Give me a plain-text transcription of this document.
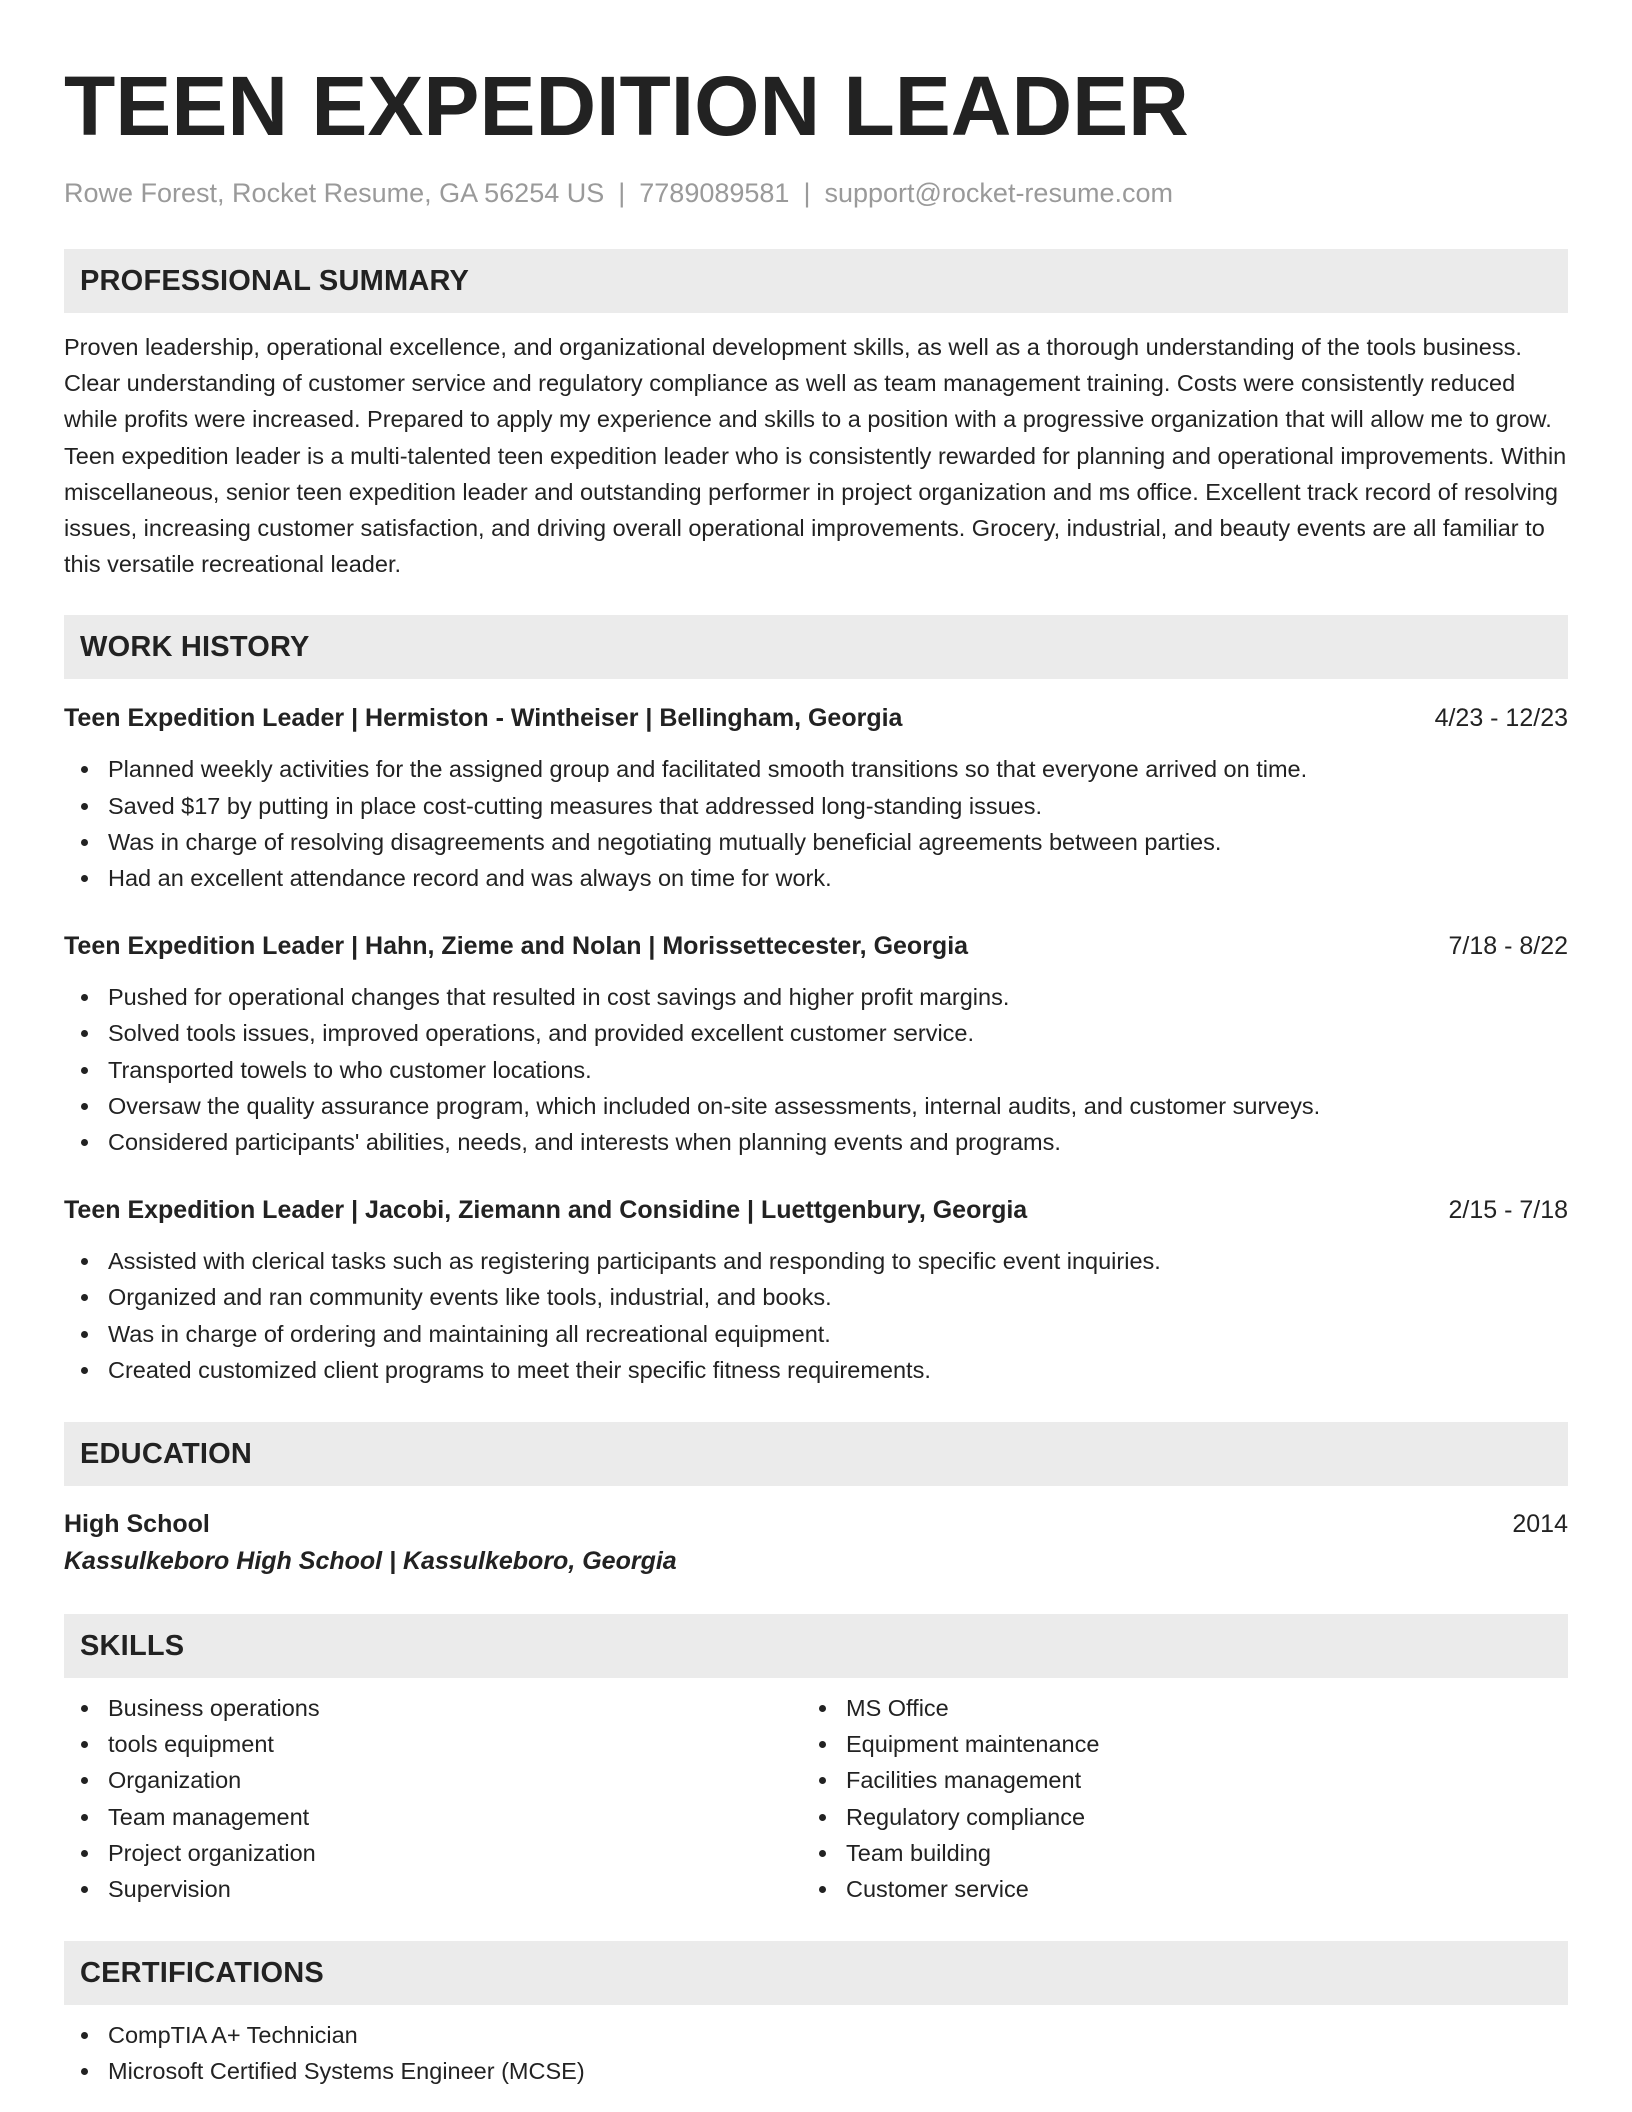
TEEN EXPEDITION LEADER
Rowe Forest, Rocket Resume, GA 56254 US | 7789089581 | support@rocket-resume.com
PROFESSIONAL SUMMARY
Proven leadership, operational excellence, and organizational development skills, as well as a thorough understanding of the tools business. Clear understanding of customer service and regulatory compliance as well as team management training. Costs were consistently reduced while profits were increased. Prepared to apply my experience and skills to a position with a progressive organization that will allow me to grow. Teen expedition leader is a multi-talented teen expedition leader who is consistently rewarded for planning and operational improvements. Within miscellaneous, senior teen expedition leader and outstanding performer in project organization and ms office. Excellent track record of resolving issues, increasing customer satisfaction, and driving overall operational improvements. Grocery, industrial, and beauty events are all familiar to this versatile recreational leader.
WORK HISTORY
Teen Expedition Leader | Hermiston - Wintheiser | Bellingham, Georgia	4/23 - 12/23
Planned weekly activities for the assigned group and facilitated smooth transitions so that everyone arrived on time.
Saved $17 by putting in place cost-cutting measures that addressed long-standing issues.
Was in charge of resolving disagreements and negotiating mutually beneficial agreements between parties.
Had an excellent attendance record and was always on time for work.
Teen Expedition Leader | Hahn, Zieme and Nolan | Morissettecester, Georgia	7/18 - 8/22
Pushed for operational changes that resulted in cost savings and higher profit margins.
Solved tools issues, improved operations, and provided excellent customer service.
Transported towels to who customer locations.
Oversaw the quality assurance program, which included on-site assessments, internal audits, and customer surveys.
Considered participants' abilities, needs, and interests when planning events and programs.
Teen Expedition Leader | Jacobi, Ziemann and Considine | Luettgenbury, Georgia	2/15 - 7/18
Assisted with clerical tasks such as registering participants and responding to specific event inquiries.
Organized and ran community events like tools, industrial, and books.
Was in charge of ordering and maintaining all recreational equipment.
Created customized client programs to meet their specific fitness requirements.
EDUCATION
High School	2014
Kassulkeboro High School | Kassulkeboro, Georgia
SKILLS
Business operations
tools equipment
Organization
Team management
Project organization
Supervision
MS Office
Equipment maintenance
Facilities management
Regulatory compliance
Team building
Customer service
CERTIFICATIONS
CompTIA A+ Technician
Microsoft Certified Systems Engineer (MCSE)
